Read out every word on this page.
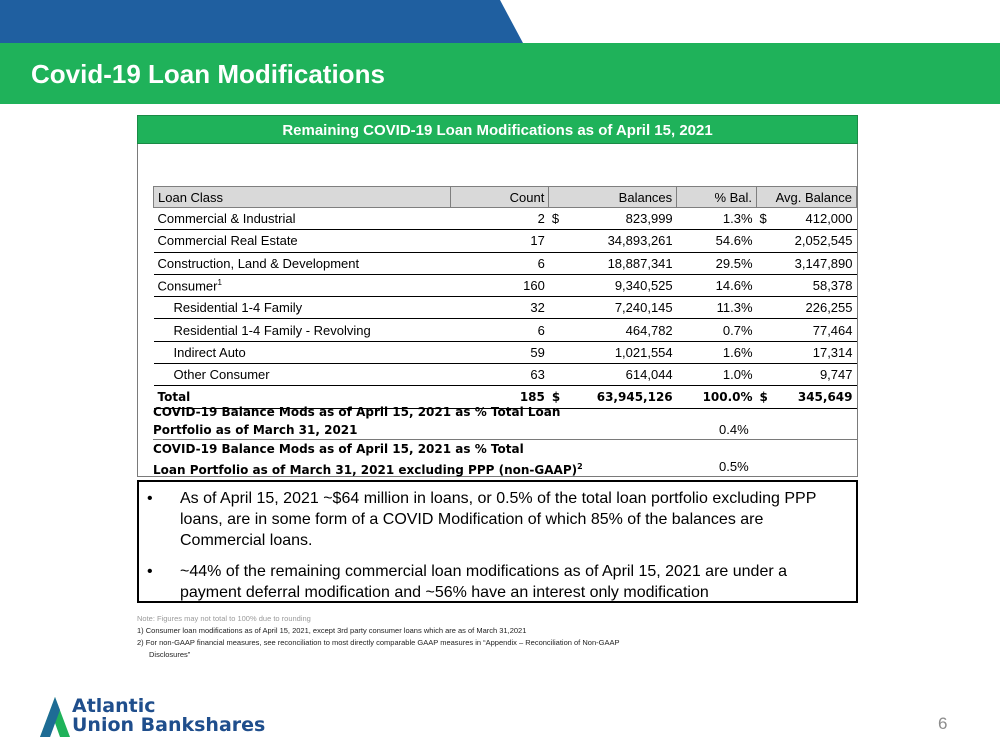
Covid-19 Loan Modifications
Remaining COVID-19 Loan Modifications as of April 15, 2021
Loan Class	Count	Balances	% Bal.	Avg. Balance
Commercial & Industrial	2	$ 823,999	1.3%	$ 412,000
Commercial Real Estate	17	34,893,261	54.6%	2,052,545
Construction, Land & Development	6	18,887,341	29.5%	3,147,890
Consumer$^1$	160	9,340,525	14.6%	58,378
Residential 1-4 Family	32	7,240,145	11.3%	226,255
Residential 1-4 Family - Revolving	6	464,782	0.7%	77,464
Indirect Auto	59	1,021,554	1.6%	17,314
Other Consumer	63	614,044	1.0%	9,747
Total	185	$ 63,945,126	100.0%	$ 345,649
COVID-19 Balance Mods as of April 15, 2021 as % Total Loan
Portfolio as of March 31, 2021	0.4%
COVID-19 Balance Mods as of April 15, 2021 as % Total
Loan Portfolio as of March 31, 2021 excluding PPP (non-GAAP)$^2$	0.5%
• As of April 15, 2021 ~$64 million in loans, or 0.5% of the total loan portfolio excluding PPP loans, are in some form of a COVID Modification of which 85% of the balances are Commercial loans.
• ~44% of the remaining commercial loan modifications as of April 15, 2021 are under a payment deferral modification and ~56% have an interest only modification
Note: Figures may not total to 100% due to rounding
1) Consumer loan modifications as of April 15, 2021, except 3rd party consumer loans which are as of March 31,2021
2) For non-GAAP financial measures, see reconciliation to most directly comparable GAAP measures in “Appendix – Reconciliation of Non-GAAP
Disclosures”
Atlantic
Union Bankshares	6
